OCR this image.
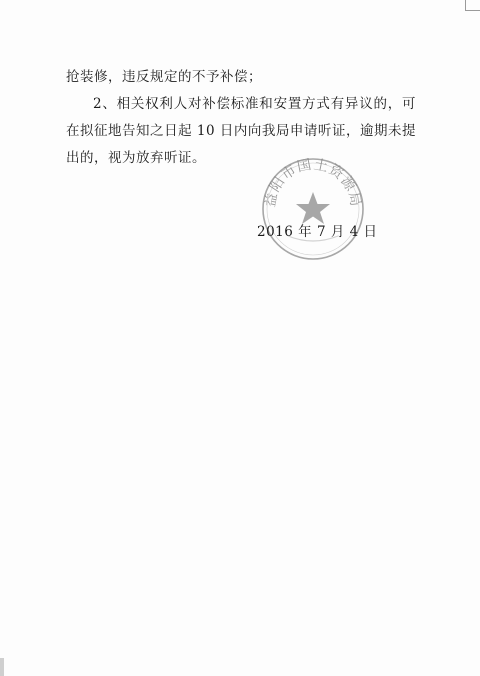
抢装修，违反规定的不予补偿；

2、相关权利人对补偿标准和安置方式有异议的，可在拟征地告知之日起 10 日内向我局申请听证，逾期未提出的，视为放弃听证。

益阳市国土资源局
2016 年 7 月 4 日
